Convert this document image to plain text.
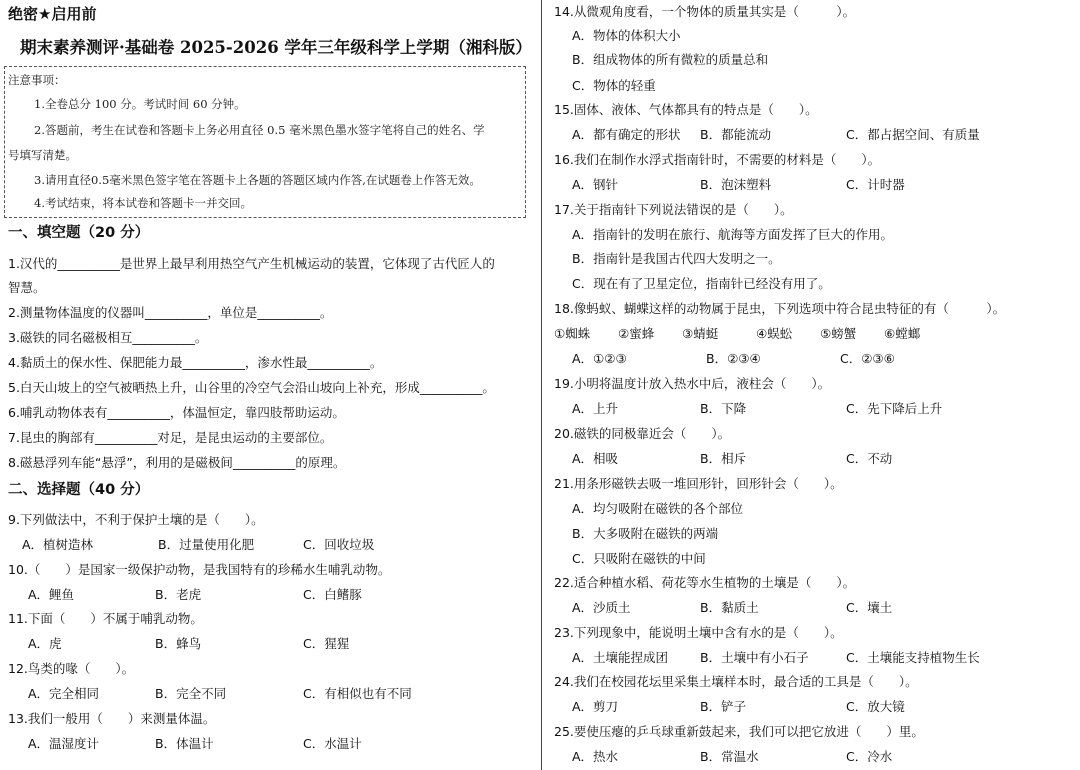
绝密★启用前
期末素养测评·基础卷 2025-2026 学年三年级科学上学期（湘科版）
注意事项：
1.全卷总分 100 分。考试时间 60 分钟。
2.答题前，考生在试卷和答题卡上务必用直径 0.5 毫米黑色墨水签字笔将自己的姓名、学
号填写清楚。
3.请用直径0.5毫米黑色签字笔在答题卡上各题的答题区域内作答,在试题卷上作答无效。
4.考试结束，将本试卷和答题卡一并交回。
一、填空题（20 分）
1.汉代的__________是世界上最早利用热空气产生机械运动的装置，它体现了古代匠人的
智慧。
2.测量物体温度的仪器叫__________，单位是__________。
3.磁铁的同名磁极相互__________。
4.黏质土的保水性、保肥能力最__________，渗水性最__________。
5.白天山坡上的空气被晒热上升，山谷里的冷空气会沿山坡向上补充，形成__________。
6.哺乳动物体表有__________，体温恒定，靠四肢帮助运动。
7.昆虫的胸部有__________对足，是昆虫运动的主要部位。
8.磁悬浮列车能“悬浮”，利用的是磁极间__________的原理。
二、选择题（40 分）
9.下列做法中，不利于保护土壤的是（　　）。
A．植树造林	B．过量使用化肥	C．回收垃圾
10.（　　）是国家一级保护动物，是我国特有的珍稀水生哺乳动物。
A．鲤鱼	B．老虎	C．白鳍豚
11.下面（　　）不属于哺乳动物。
A．虎	B．蜂鸟	C．猩猩
12.鸟类的喙（　　）。
A．完全相同	B．完全不同	C．有相似也有不同
13.我们一般用（　　）来测量体温。
A．温湿度计	B．体温计	C．水温计
14.从微观角度看，一个物体的质量其实是（　　　）。
A．物体的体积大小
B．组成物体的所有微粒的质量总和
C．物体的轻重
15.固体、液体、气体都具有的特点是（　　）。
A．都有确定的形状 B．都能流动	C．都占据空间、有质量
16.我们在制作水浮式指南针时，不需要的材料是（　　）。
A．钢针	B．泡沫塑料	C．计时器
17.关于指南针下列说法错误的是（　　）。
A．指南针的发明在旅行、航海等方面发挥了巨大的作用。
B．指南针是我国古代四大发明之一。
C．现在有了卫星定位，指南针已经没有用了。
18.像蚂蚁、蝴蝶这样的动物属于昆虫，下列选项中符合昆虫特征的有（　　　）。
①蜘蛛 ②蜜蜂 ③蜻蜓	④蜈蚣 ⑤螃蟹 ⑥螳螂
A．①②③	B．②③④	C．②③⑥
19.小明将温度计放入热水中后，液柱会（　　）。
A．上升	B．下降	C．先下降后上升
20.磁铁的同极靠近会（　　）。
A．相吸	B．相斥	C．不动
21.用条形磁铁去吸一堆回形针，回形针会（　　）。
A．均匀吸附在磁铁的各个部位
B．大多吸附在磁铁的两端
C．只吸附在磁铁的中间
22.适合种植水稻、荷花等水生植物的土壤是（　　）。
A．沙质土	B．黏质土	C．壤土
23.下列现象中，能说明土壤中含有水的是（　　）。
A．土壤能捏成团	B．土壤中有小石子	C．土壤能支持植物生长
24.我们在校园花坛里采集土壤样本时，最合适的工具是（　　）。
A．剪刀	B．铲子	C．放大镜
25.要使压瘪的乒乓球重新鼓起来，我们可以把它放进（　　）里。
A．热水	B．常温水	C．冷水
